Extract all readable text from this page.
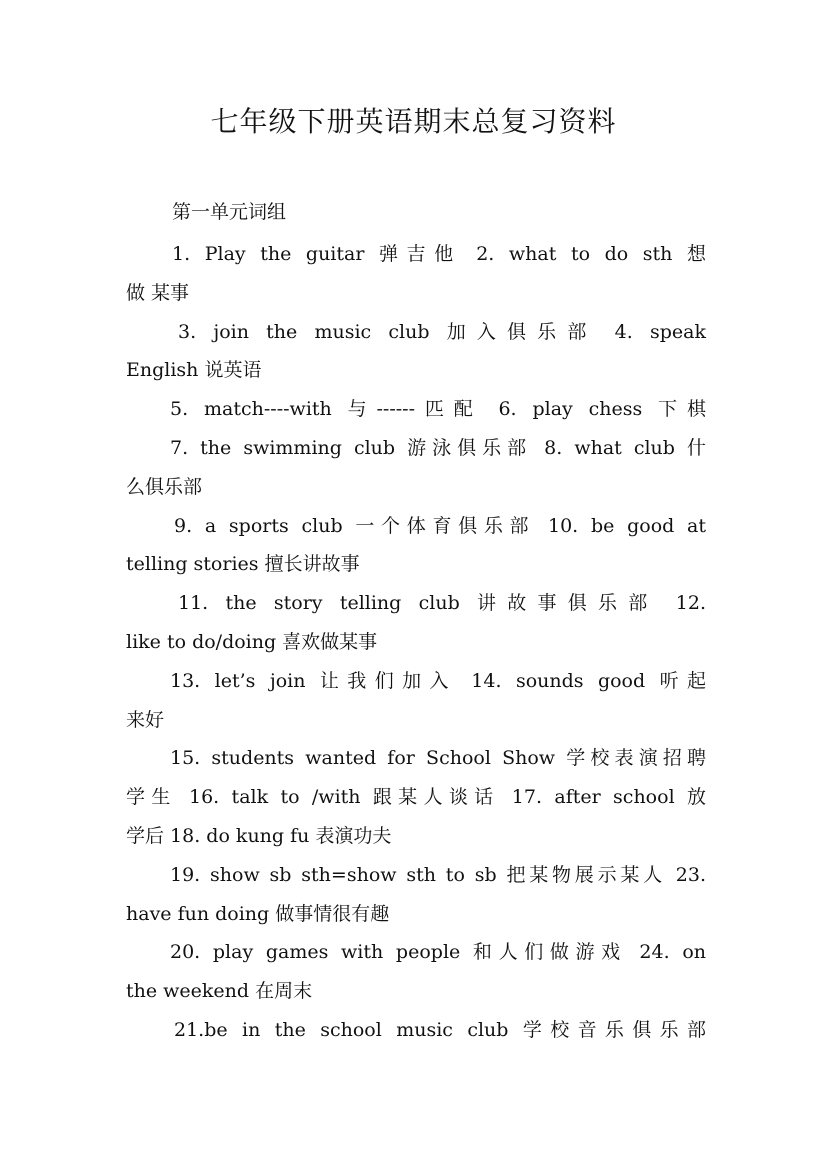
七年级下册英语期末总复习资料
第一单元词组
1. Play the guitar 弹吉他 2. what to do sth 想
做 某事
3. join the music club 加入俱乐部 4. speak
English 说英语
5. match----with 与------匹配 6. play chess 下棋
7. the swimming club 游泳俱乐部 8. what club 什
么俱乐部
9. a sports club 一个体育俱乐部 10. be good at
telling stories 擅长讲故事
11. the story telling club 讲故事俱乐部 12.
like to do/doing 喜欢做某事
13. let’s join 让我们加入 14. sounds good 听起
来好
15. students wanted for School Show 学校表演招聘
学生 16. talk to /with 跟某人谈话 17. after school 放
学后 18. do kung fu 表演功夫
19. show sb sth=show sth to sb 把某物展示某人 23.
have fun doing 做事情很有趣
20. play games with people 和人们做游戏 24. on
the weekend 在周末
21.be in the school music club 学校音乐俱乐部
